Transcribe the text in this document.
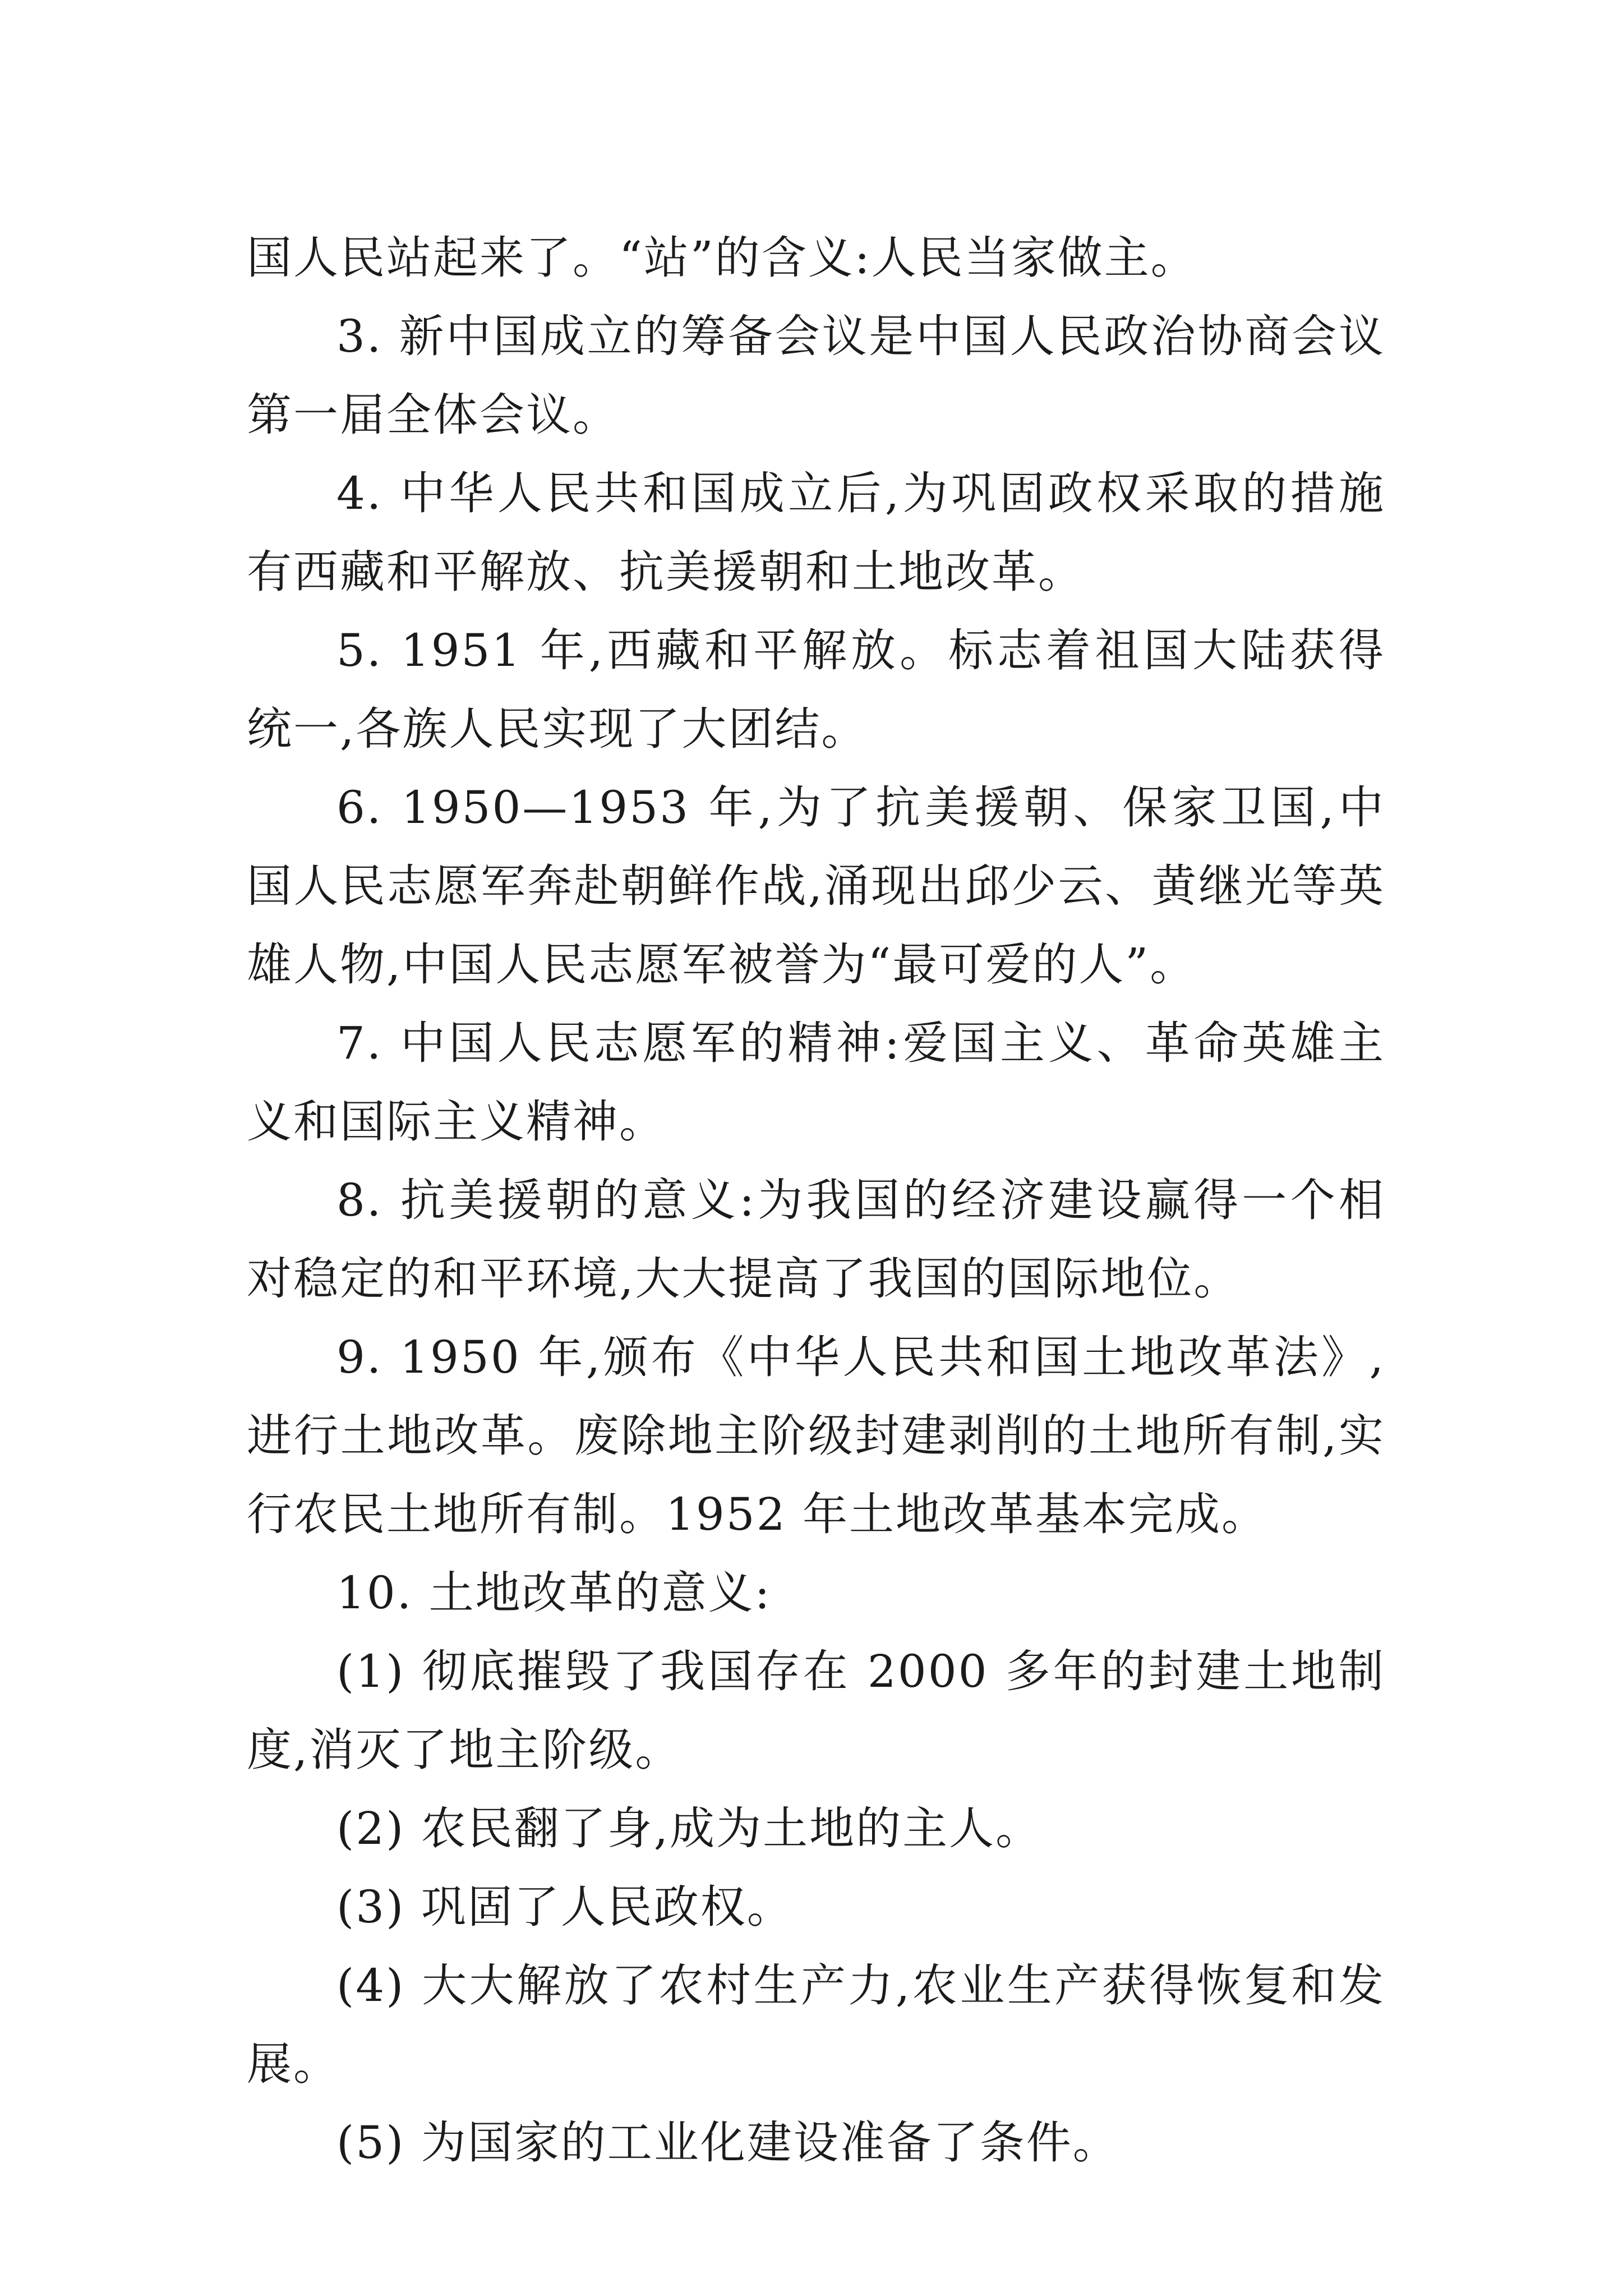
国人民站起来了。“站”的含义:人民当家做主。

3. 新中国成立的筹备会议是中国人民政治协商会议第一届全体会议。

4. 中华人民共和国成立后,为巩固政权采取的措施有西藏和平解放、抗美援朝和土地改革。

5. 1951 年,西藏和平解放。标志着祖国大陆获得统一,各族人民实现了大团结。

6. 1950—1953 年,为了抗美援朝、保家卫国,中国人民志愿军奔赴朝鲜作战,涌现出邱少云、黄继光等英雄人物,中国人民志愿军被誉为“最可爱的人”。

7. 中国人民志愿军的精神:爱国主义、革命英雄主义和国际主义精神。

8. 抗美援朝的意义:为我国的经济建设赢得一个相对稳定的和平环境,大大提高了我国的国际地位。

9. 1950 年,颁布《中华人民共和国土地改革法》,进行土地改革。废除地主阶级封建剥削的土地所有制,实行农民土地所有制。1952 年土地改革基本完成。

10. 土地改革的意义:

(1) 彻底摧毁了我国存在 2000 多年的封建土地制度,消灭了地主阶级。

(2) 农民翻了身,成为土地的主人。

(3) 巩固了人民政权。

(4) 大大解放了农村生产力,农业生产获得恢复和发展。

(5) 为国家的工业化建设准备了条件。
